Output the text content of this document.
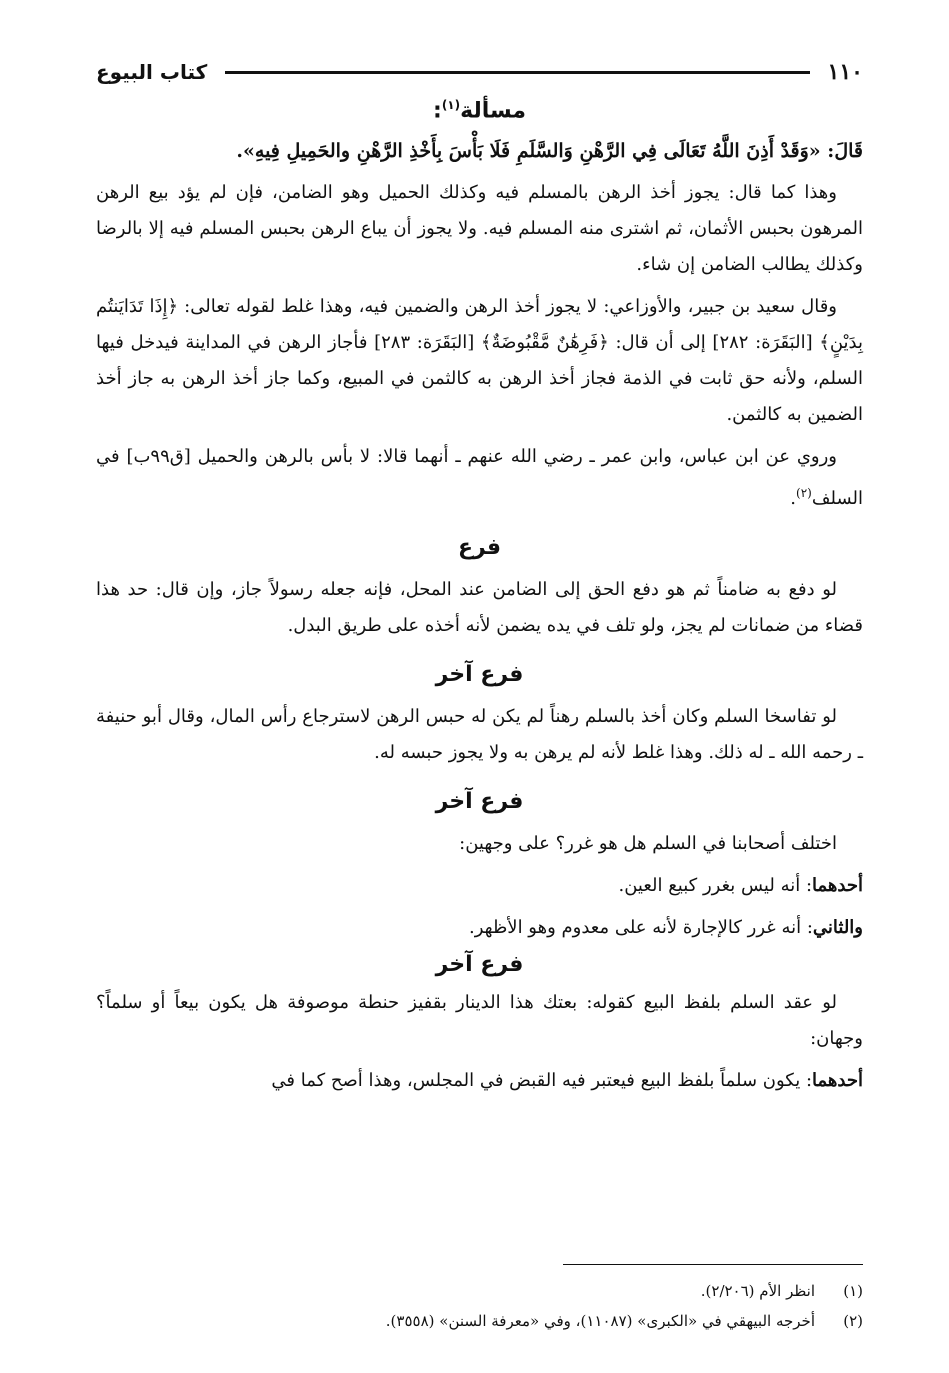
١١٠
كتاب البيوع
مسألة$^{(١)}$:

قَالَ: «وَقَدْ أَذِنَ اللَّهُ تَعَالَى فِي الرَّهْنِ وَالسَّلَمِ فَلَا بَأْسَ بِأَخْذِ الرَّهْنِ والحَمِيلِ فِيهِ».

وهذا كما قال: يجوز أخذ الرهن بالمسلم فيه وكذلك الحميل وهو الضامن، فإن لم يؤد بيع الرهن المرهون بحبس الأثمان، ثم اشترى منه المسلم فيه. ولا يجوز أن يباع الرهن بحبس المسلم فيه إلا بالرضا وكذلك يطالب الضامن إن شاء.

وقال سعيد بن جبير، والأوزاعي: لا يجوز أخذ الرهن والضمين فيه، وهذا غلط لقوله تعالى: ﴿إِذَا تَدَايَنتُم بِدَيْنٍ﴾ [البَقَرَة: ٢٨٢] إلى أن قال: ﴿فَرِهَٰنٌ مَّقْبُوضَةٌ﴾ [البَقَرَة: ٢٨٣] فأجاز الرهن في المداينة فيدخل فيها السلم، ولأنه حق ثابت في الذمة فجاز أخذ الرهن به كالثمن في المبيع، وكما جاز أخذ الرهن به جاز أخذ الضمين به كالثمن.

وروي عن ابن عباس، وابن عمر ـ رضي الله عنهم ـ أنهما قالا: لا بأس بالرهن والحميل [ق٩٩ب] في السلف$^{(٢)}$.

فرع

لو دفع به ضامناً ثم هو دفع الحق إلى الضامن عند المحل، فإنه جعله رسولاً جاز، وإن قال: حد هذا قضاء من ضمانات لم يجز، ولو تلف في يده يضمن لأنه أخذه على طريق البدل.

فرع آخر

لو تفاسخا السلم وكان أخذ بالسلم رهناً لم يكن له حبس الرهن لاسترجاع رأس المال، وقال أبو حنيفة ـ رحمه الله ـ له ذلك. وهذا غلط لأنه لم يرهن به ولا يجوز حبسه له.

فرع آخر

اختلف أصحابنا في السلم هل هو غرر؟ على وجهين:

أحدهما: أنه ليس بغرر كبيع العين.

والثاني: أنه غرر كالإجارة لأنه على معدوم وهو الأظهر.

فرع آخر

لو عقد السلم بلفظ البيع كقوله: بعتك هذا الدينار بقفيز حنطة موصوفة هل يكون بيعاً أو سلماً؟ وجهان:

أحدهما: يكون سلماً بلفظ البيع فيعتبر فيه القبض في المجلس، وهذا أصح كما في

(١)
انظر الأم (٢/٢٠٦).
(٢)
أخرجه البيهقي في «الكبرى» (١١٠٨٧)، وفي «معرفة السنن» (٣٥٥٨).
